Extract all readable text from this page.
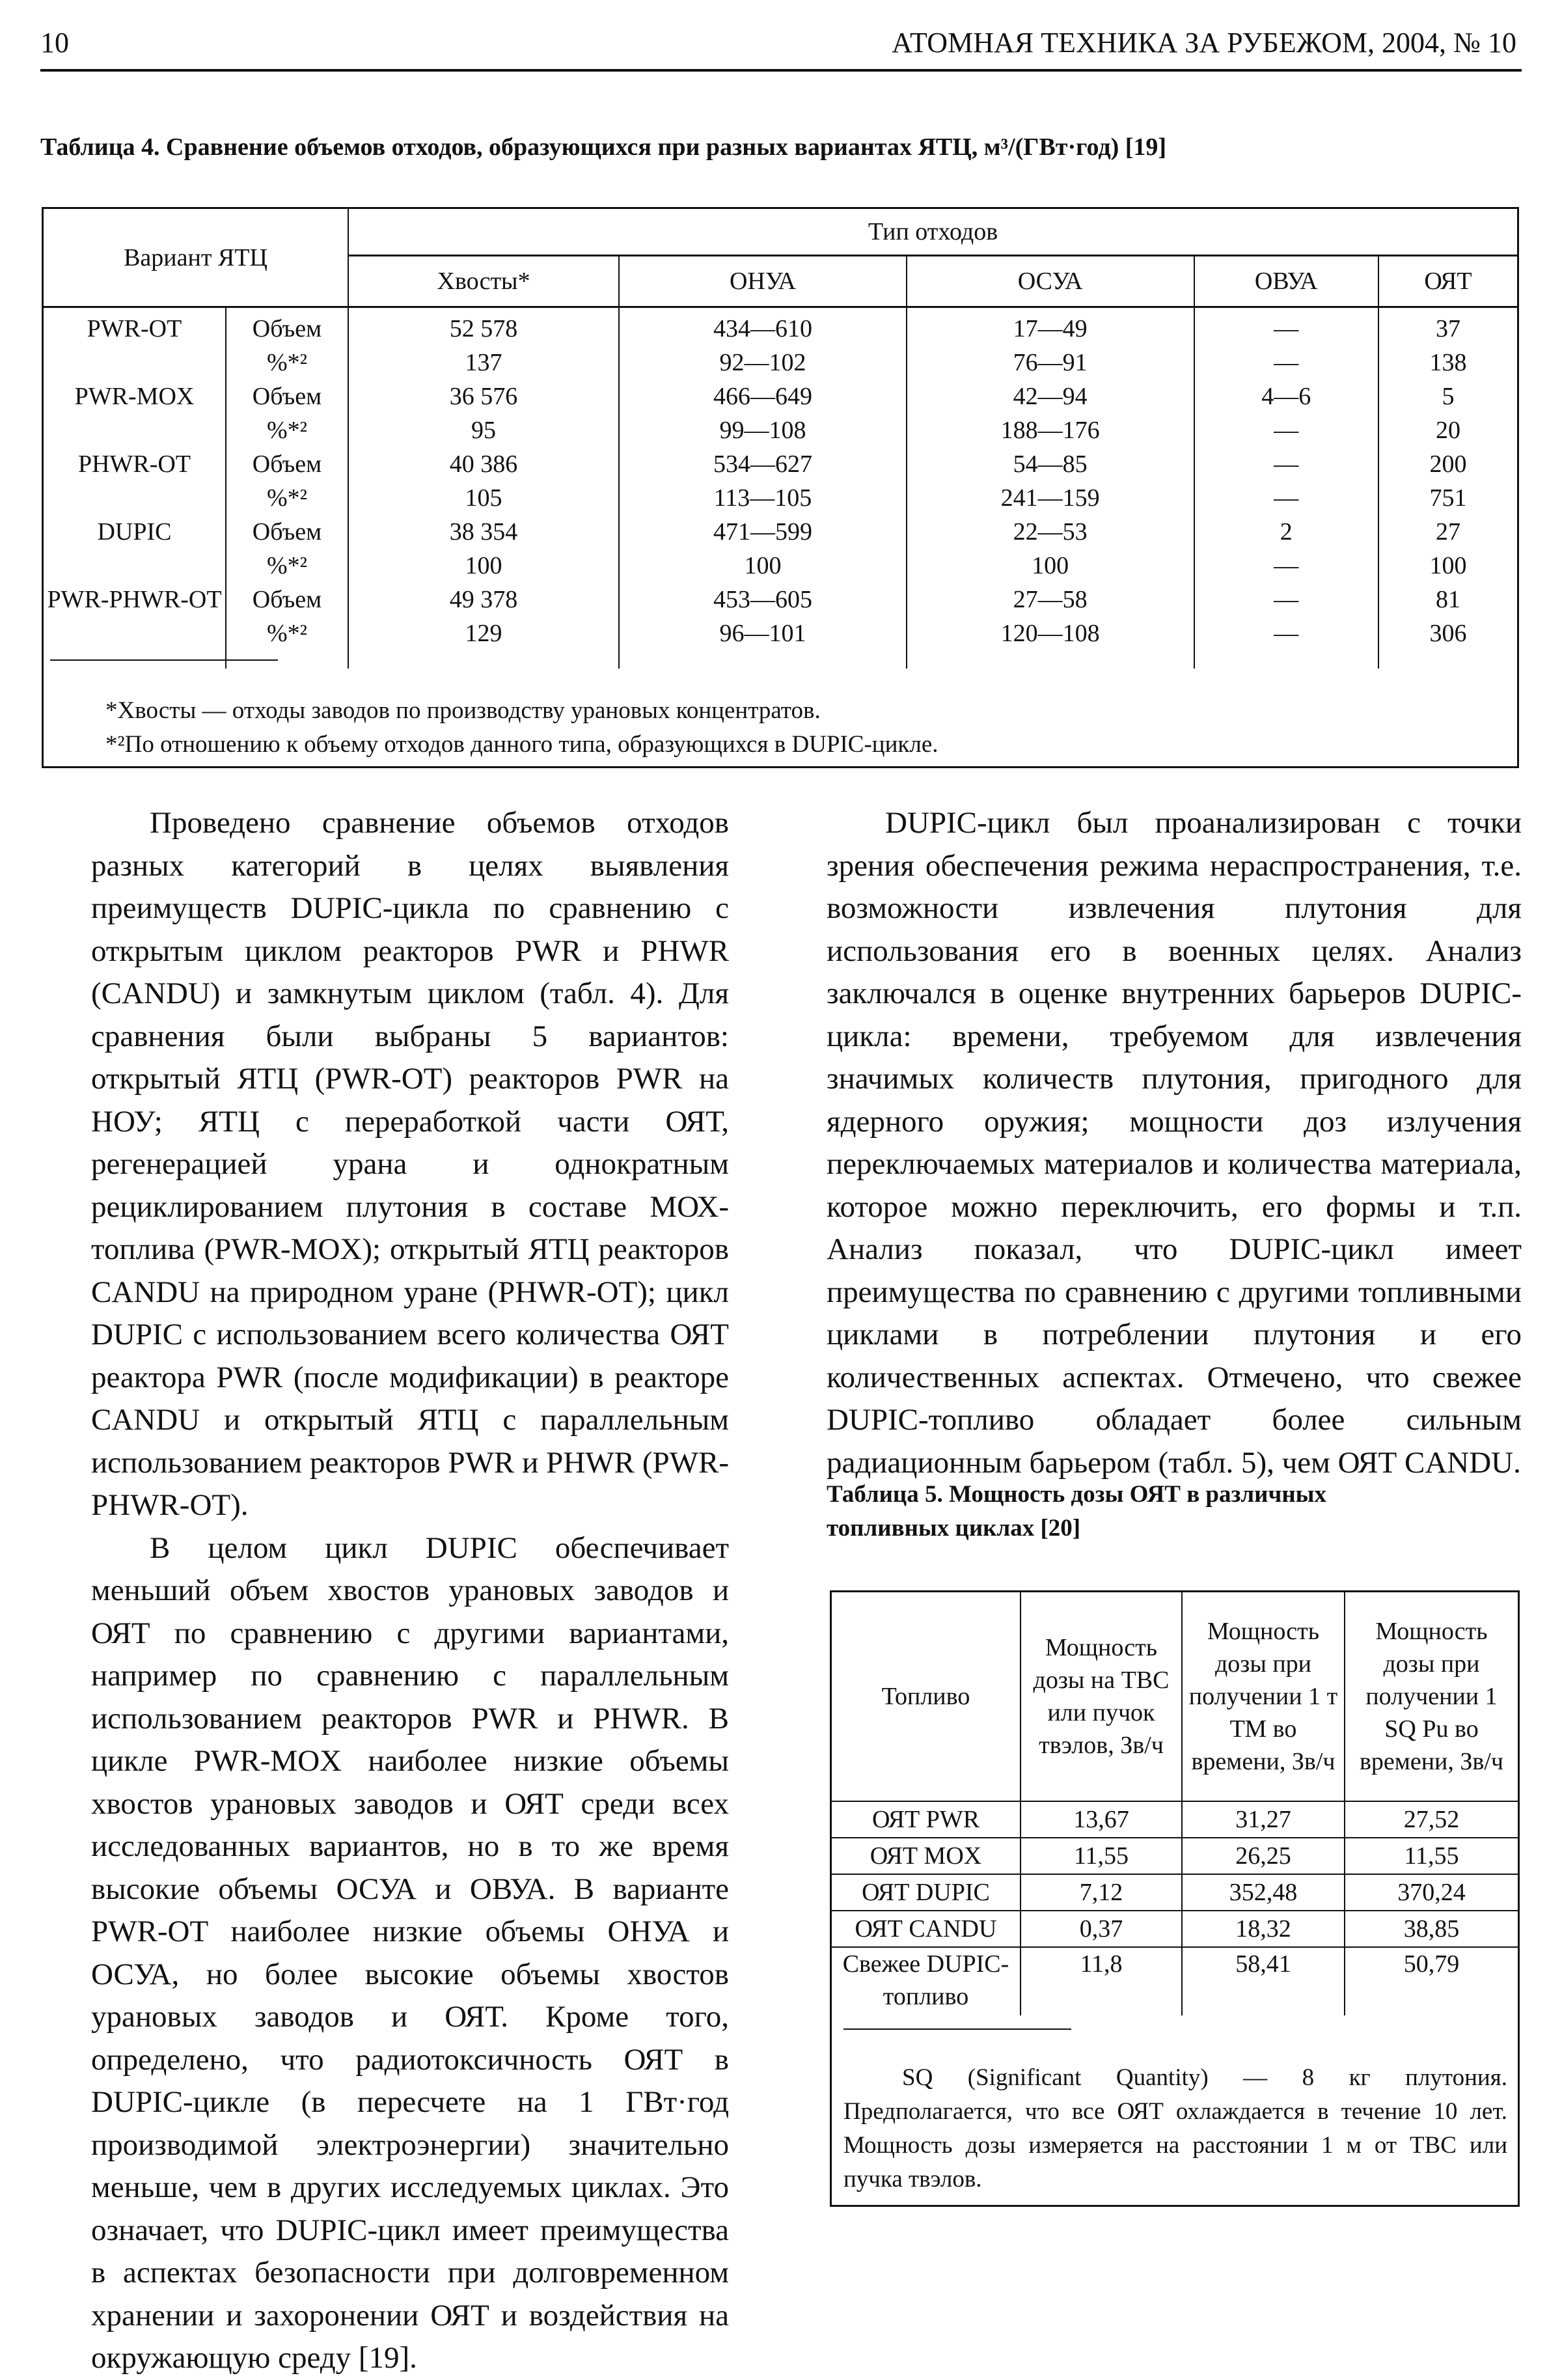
10	АТОМНАЯ ТЕХНИКА ЗА РУБЕЖОМ, 2004, № 10
Таблица 4. Сравнение объемов отходов, образующихся при разных вариантах ЯТЦ, м³/(ГВт·год) [19]
Вариант ЯТЦ		Тип отходов				
		Хвосты*	ОНУА	ОСУА	ОВУА	ОЯТ
PWR-OT	Объем	52 578	434—610	17—49	—	37
	%*²	137	92—102	76—91	—	138
PWR-MOX	Объем	36 576	466—649	42—94	4—6	5
	%*²	95	99—108	188—176	—	20
PHWR-OT	Объем	40 386	534—627	54—85	—	200
	%*²	105	113—105	241—159	—	751
DUPIC	Объем	38 354	471—599	22—53	2	27
	%*²	100	100	100	—	100
PWR-PHWR-OT	Объем	49 378	453—605	27—58	—	81
	%*²	129	96—101	120—108	—	306

*Хвосты — отходы заводов по производству урановых концентратов.
*²По отношению к объему отходов данного типа, образующихся в DUPIC-цикле.

Проведено сравнение объемов отходов разных категорий в целях выявления преимуществ DUPIC-цикла по сравнению с открытым циклом реакторов PWR и PHWR (CANDU) и замкнутым циклом (табл. 4). Для сравнения были выбраны 5 вариантов: открытый ЯТЦ (PWR-OT) реакторов PWR на НОУ; ЯТЦ с переработкой части ОЯТ, регенерацией урана и однократным рециклированием плутония в составе МОХ-топлива (PWR-MOX); открытый ЯТЦ реакторов CANDU на природном уране (PHWR-OT); цикл DUPIC с использованием всего количества ОЯТ реактора PWR (после модификации) в реакторе CANDU и открытый ЯТЦ с параллельным использованием реакторов PWR и PHWR (PWR-PHWR-OT).

В целом цикл DUPIC обеспечивает меньший объем хвостов урановых заводов и ОЯТ по сравнению с другими вариантами, например по сравнению с параллельным использованием реакторов PWR и PHWR. В цикле PWR-MOX наиболее низкие объемы хвостов урановых заводов и ОЯТ среди всех исследованных вариантов, но в то же время высокие объемы ОСУА и ОВУА. В варианте PWR-OT наиболее низкие объемы ОНУА и ОСУА, но более высокие объемы хвостов урановых заводов и ОЯТ. Кроме того, определено, что радиотоксичность ОЯТ в DUPIC-цикле (в пересчете на 1 ГВт·год производимой электроэнергии) значительно меньше, чем в других исследуемых циклах. Это означает, что DUPIC-цикл имеет преимущества в аспектах безопасности при долговременном хранении и захоронении ОЯТ и воздействия на окружающую среду [19].

DUPIC-цикл был проанализирован с точки зрения обеспечения режима нераспространения, т.е. возможности извлечения плутония для использования его в военных целях. Анализ заключался в оценке внутренних барьеров DUPIC-цикла: времени, требуемом для извлечения значимых количеств плутония, пригодного для ядерного оружия; мощности доз излучения переключаемых материалов и количества материала, которое можно переключить, его формы и т.п. Анализ показал, что DUPIC-цикл имеет преимущества по сравнению с другими топливными циклами в потреблении плутония и его количественных аспектах. Отмечено, что свежее DUPIC-топливо обладает более сильным радиационным барьером (табл. 5), чем ОЯТ CANDU.

Таблица 5. Мощность дозы ОЯТ в различных
топливных циклах [20]
Топливо	Мощность дозы на ТВС или пучок твэлов, Зв/ч	Мощность дозы при получении 1 т ТМ во времени, Зв/ч	Мощность дозы при получении 1 SQ Pu во времени, Зв/ч
ОЯТ PWR	13,67	31,27	27,52
ОЯТ MOX	11,55	26,25	11,55
ОЯТ DUPIC	7,12	352,48	370,24
ОЯТ CANDU	0,37	18,32	38,85
Свежее DUPIC-топливо	11,8	58,41	50,79
SQ (Significant Quantity) — 8 кг плутония. Предполагается, что все ОЯТ охлаждается в течение 10 лет. Мощность дозы измеряется на расстоянии 1 м от ТВС или пучка твэлов.
